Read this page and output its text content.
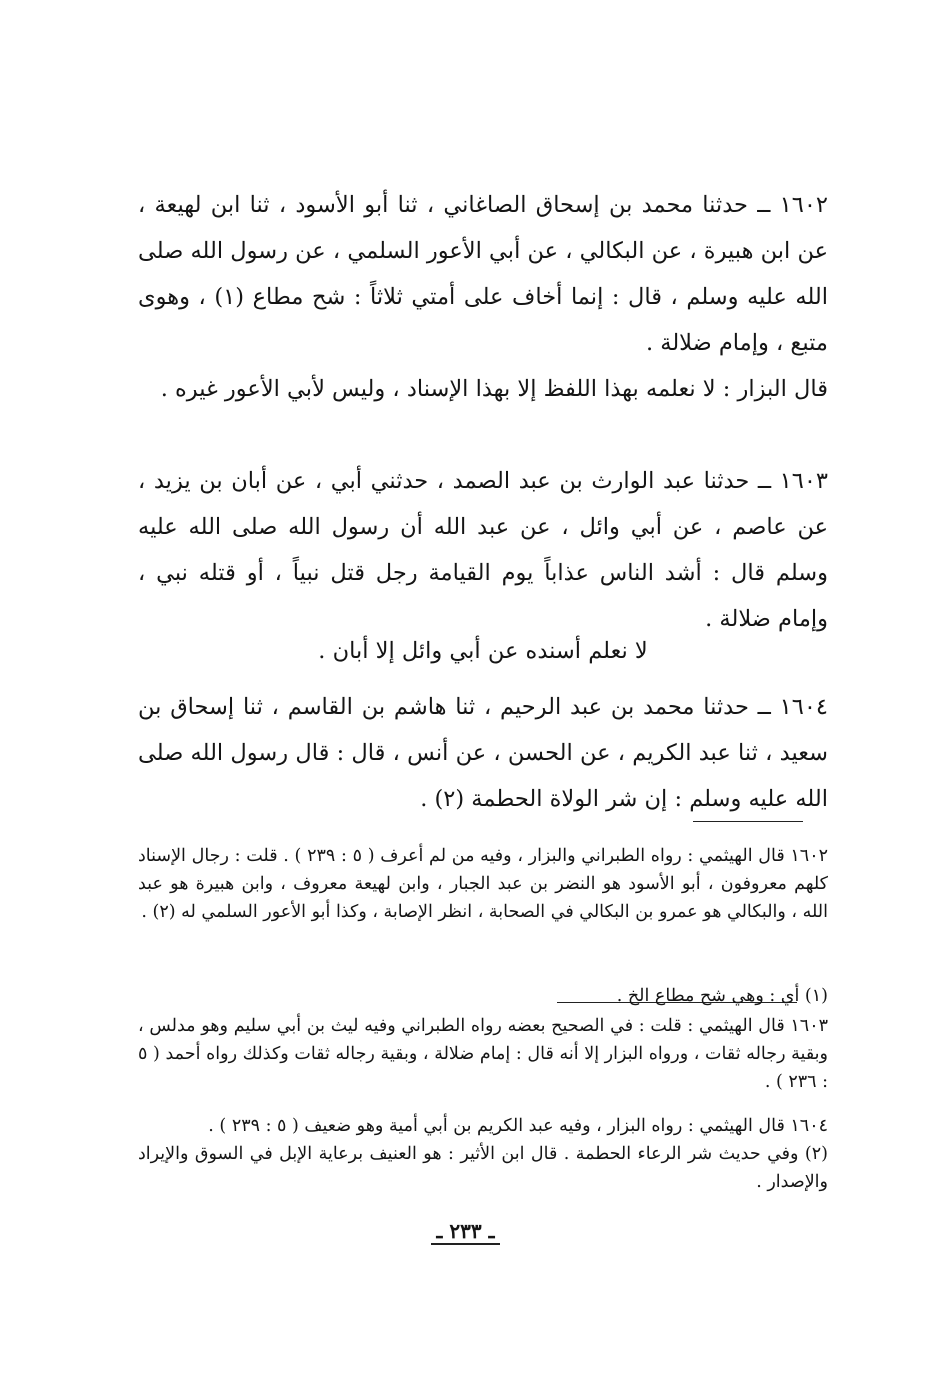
١٦٠٢ ــ حدثنا محمد بن إسحاق الصاغاني ، ثنا أبو الأسود ، ثنا ابن لهيعة ، عن ابن هبيرة ، عن البكالي ، عن أبي الأعور السلمي ، عن رسول الله صلى الله عليه وسلم ، قال : إنما أخاف على أمتي ثلاثاً : شح مطاع (١) ، وهوى متبع ، وإمام ضلالة .
قال البزار : لا نعلمه بهذا اللفظ إلا بهذا الإسناد ، وليس لأبي الأعور غيره .

١٦٠٣ ــ حدثنا عبد الوارث بن عبد الصمد ، حدثني أبي ، عن أبان بن يزيد ، عن عاصم ، عن أبي وائل ، عن عبد الله أن رسول الله صلى الله عليه وسلم قال : أشد الناس عذاباً يوم القيامة رجل قتل نبياً ، أو قتله نبي ، وإمام ضلالة .

لا نعلم أسنده عن أبي وائل إلا أبان .

١٦٠٤ ــ حدثنا محمد بن عبد الرحيم ، ثنا هاشم بن القاسم ، ثنا إسحاق بن سعيد ، ثنا عبد الكريم ، عن الحسن ، عن أنس ، قال : قال رسول الله صلى الله عليه وسلم : إن شر الولاة الحطمة (٢) .

١٦٠٢ قال الهيثمي : رواه الطبراني والبزار ، وفيه من لم أعرف ( ٥ : ٢٣٩ ) . قلت : رجال الإسناد كلهم معروفون ، أبو الأسود هو النضر بن عبد الجبار ، وابن لهيعة معروف ، وابن هبيرة هو عبد الله ، والبكالي هو عمرو بن البكالي في الصحابة ، انظر الإصابة ، وكذا أبو الأعور السلمي له (٢) .

(١) أي : وهي شح مطاع الخ .

١٦٠٣ قال الهيثمي : قلت : في الصحيح بعضه رواه الطبراني وفيه ليث بن أبي سليم وهو مدلس ، وبقية رجاله ثقات ، ورواه البزار إلا أنه قال : إمام ضلالة ، وبقية رجاله ثقات وكذلك رواه أحمد ( ٥ : ٢٣٦ ) .

١٦٠٤ قال الهيثمي : رواه البزار ، وفيه عبد الكريم بن أبي أمية وهو ضعيف ( ٥ : ٢٣٩ ) .
(٢) وفي حديث شر الرعاء الحطمة . قال ابن الأثير : هو العنيف برعاية الإبل في السوق والإيراد والإصدار .

ـ ٢٣٣ ـ
